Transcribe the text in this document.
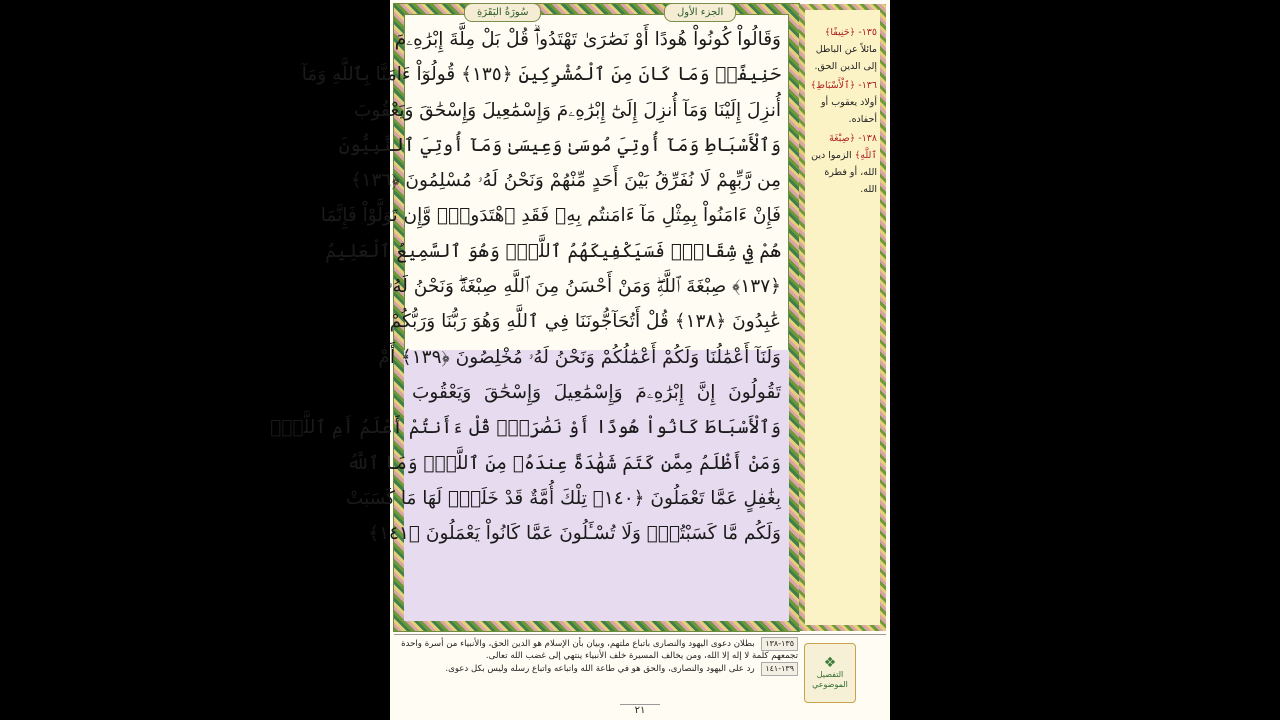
سُورَةُ البَقَرَةِ	الجزء الأول
وَقَالُواْ كُونُواْ هُودًا أَوْ نَصَٰرَىٰ تَهْتَدُواْۗ قُلْ بَلْ مِلَّةَ إِبْرَٰهِۦمَ
حَنِيفًاۖ وَمَا كَانَ مِنَ ٱلْمُشْرِكِينَ ﴿١٣٥﴾ قُولُوٓاْ ءَامَنَّا بِٱللَّهِ وَمَآ
أُنزِلَ إِلَيْنَا وَمَآ أُنزِلَ إِلَىٰٓ إِبْرَٰهِۦمَ وَإِسْمَٰعِيلَ وَإِسْحَٰقَ وَيَعْقُوبَ
وَٱلْأَسْبَاطِ وَمَآ أُوتِيَ مُوسَىٰ وَعِيسَىٰ وَمَآ أُوتِيَ ٱلنَّبِيُّونَ
مِن رَّبِّهِمْ لَا نُفَرِّقُ بَيْنَ أَحَدٍ مِّنْهُمْ وَنَحْنُ لَهُۥ مُسْلِمُونَ ﴿١٣٦﴾
فَإِنْ ءَامَنُواْ بِمِثْلِ مَآ ءَامَنتُم بِهِۦ فَقَدِ ٱهْتَدَواْۖ وَّإِن تَوَلَّوْاْ فَإِنَّمَا
هُمْ فِي شِقَاقٍۖ فَسَيَكْفِيكَهُمُ ٱللَّهُۚ وَهُوَ ٱلسَّمِيعُ ٱلْعَلِيمُ
﴿١٣٧﴾ صِبْغَةَ ٱللَّهِۖ وَمَنْ أَحْسَنُ مِنَ ٱللَّهِ صِبْغَةًۖ وَنَحْنُ لَهُۥ
عَٰبِدُونَ ﴿١٣٨﴾ قُلْ أَتُحَآجُّونَنَا فِي ٱللَّهِ وَهُوَ رَبُّنَا وَرَبُّكُمْ
وَلَنَآ أَعْمَٰلُنَا وَلَكُمْ أَعْمَٰلُكُمْ وَنَحْنُ لَهُۥ مُخْلِصُونَ ﴿١٣٩﴾ أَمْ
تَقُولُونَ إِنَّ إِبْرَٰهِۦمَ وَإِسْمَٰعِيلَ وَإِسْحَٰقَ وَيَعْقُوبَ
وَٱلْأَسْبَاطَ كَانُواْ هُودًا أَوْ نَصَٰرَىٰۗ قُلْ ءَأَنتُمْ أَعْلَمُ أَمِ ٱللَّهُۗ
وَمَنْ أَظْلَمُ مِمَّن كَتَمَ شَهَٰدَةً عِندَهُۥ مِنَ ٱللَّهِۗ وَمَا ٱللَّهُ
بِغَٰفِلٍ عَمَّا تَعْمَلُونَ ﴿١٤٠﴾ تِلْكَ أُمَّةٌ قَدْ خَلَتْۖ لَهَا مَا كَسَبَتْ
وَلَكُم مَّا كَسَبْتُمْۖ وَلَا تُسْـَٔلُونَ عَمَّا كَانُواْ يَعْمَلُونَ ﴿١٤١﴾
١٣٥- ﴿حَنِيفًا﴾ مائلاً عن الباطل إلى الدين الحق.
١٣٦- ﴿ٱلْأَسْبَاطِ﴾ أولاد يعقوب أو أحفاده.
١٣٨- ﴿صِبْغَةَ ٱللَّهِ﴾ الزموا دين الله، أو فطرة الله.
١٣٥-١٣٨ بطلان دعوى اليهود والنصارى باتباع ملتهم، وبيان بأن الإسلام هو الدين الحق، والأنبياء من أسرة واحدة تجمعهم كلمة لا إله إلا الله، ومن يخالف المسيرة خلف الأنبياء ينتهي إلى غضب الله تعالى.
١٣٩-١٤١ رد على اليهود والنصارى، والحق هو في طاعة الله واتباعه واتباع رسله وليس بكل دعوى.	❖
التفصيل الموضوعي
٢١
